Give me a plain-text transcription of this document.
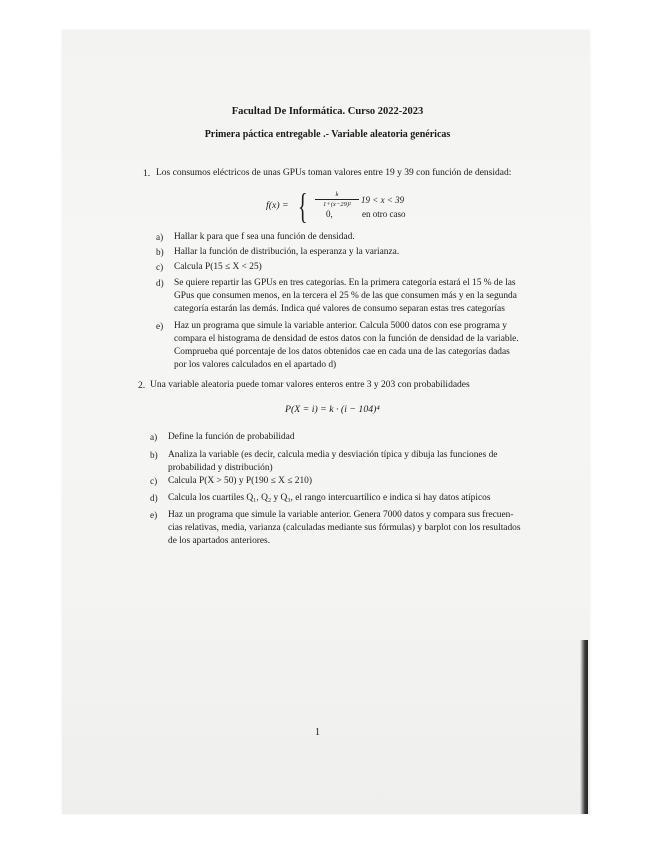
Facultad De Informática. Curso 2022-2023
Primera páctica entregable .- Variable aleatoria genéricas
1. Los consumos eléctricos de unas GPUs toman valores entre 19 y 39 con función de densidad:
f(x) = {	k
1+(x−29)²	19 < x < 39
0,	en otro caso
a) Hallar k para que f sea una función de densidad.
b) Hallar la función de distribución, la esperanza y la varianza.
c) Calcula P(15 ≤ X < 25)
d) Se quiere repartir las GPUs en tres categorías. En la primera categoría estará el 15 % de las
GPus que consumen menos, en la tercera el 25 % de las que consumen más y en la segunda
categoría estarán las demás. Indica qué valores de consumo separan estas tres categorías
e) Haz un programa que simule la variable anterior. Calcula 5000 datos con ese programa y
compara el histograma de densidad de estos datos con la función de densidad de la variable.
Comprueba qué porcentaje de los datos obtenidos cae en cada una de las categorías dadas
por los valores calculados en el apartado d)
2. Una variable aleatoria puede tomar valores enteros entre 3 y 203 con probabilidades
P(X = i) = k · (i − 104)⁴
a) Define la función de probabilidad
b) Analiza la variable (es decir, calcula media y desviación típica y dibuja las funciones de
probabilidad y distribución)
c) Calcula P(X > 50) y P(190 ≤ X ≤ 210)
d) Calcula los cuartiles Q₁, Q₂ y Q₃, el rango intercuartílico e indica si hay datos atípicos
e) Haz un programa que simule la variable anterior. Genera 7000 datos y compara sus frecuen-
cias relativas, media, varianza (calculadas mediante sus fórmulas) y barplot con los resultados
de los apartados anteriores.
1
